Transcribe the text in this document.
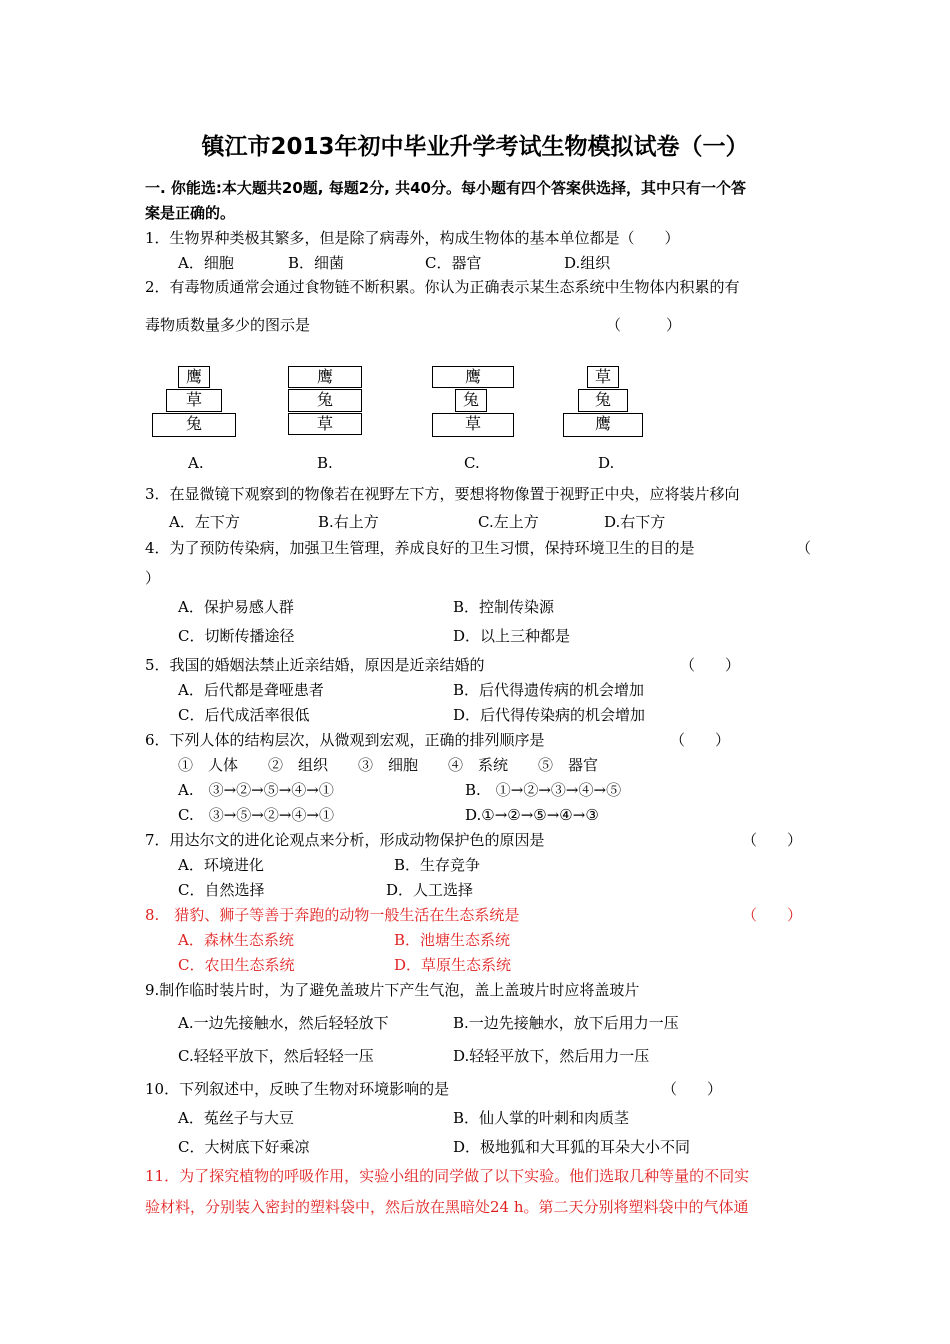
镇江市2013年初中毕业升学考试生物模拟试卷（一）
一. 你能选:本大题共20题, 每题2分, 共40分。每小题有四个答案供选择，其中只有一个答
案是正确的。
1．生物界种类极其繁多，但是除了病毒外，构成生物体的基本单位都是（　　）
A．细胞	B．细菌	C．器官	D.组织
2．有毒物质通常会通过食物链不断积累。你认为正确表示某生态系统中生物体内积累的有
毒物质数量多少的图示是	（　　　）
鹰
草
兔
A.
鹰
兔
草
B.
鹰
兔
草
C.
草
兔
鹰
D.
3．在显微镜下观察到的物像若在视野左下方，要想将物像置于视野正中央，应将装片移向
A．左下方	B.右上方	C.左上方	D.右下方
4．为了预防传染病，加强卫生管理，养成良好的卫生习惯，保持环境卫生的目的是	（
）
A．保护易感人群	B．控制传染源
C．切断传播途径	D．以上三种都是
5．我国的婚姻法禁止近亲结婚，原因是近亲结婚的	（　　）
A．后代都是聋哑患者	B．后代得遗传病的机会增加
C．后代成活率很低	D．后代得传染病的机会增加
6．下列人体的结构层次，从微观到宏观，正确的排列顺序是	（　　）
①　人体　　②　组织　　③　细胞　　④　系统　　⑤　器官
A.　③→②→⑤→④→①	B.　①→②→③→④→⑤
C.　③→⑤→②→④→①	D.①→②→⑤→④→③
7．用达尔文的进化论观点来分析，形成动物保护色的原因是	（　　）
A．环境进化	B．生存竞争
C．自然选择	D．人工选择
8.　猎豹、狮子等善于奔跑的动物一般生活在生态系统是	（　　）
A．森林生态系统	B．池塘生态系统
C．农田生态系统	D．草原生态系统
9.制作临时装片时，为了避免盖玻片下产生气泡，盖上盖玻片时应将盖玻片
A.一边先接触水，然后轻轻放下	B.一边先接触水，放下后用力一压
C.轻轻平放下，然后轻轻一压	D.轻轻平放下，然后用力一压
10．下列叙述中，反映了生物对环境影响的是	（　　）
A．菟丝子与大豆	B．仙人掌的叶刺和肉质茎
C．大树底下好乘凉	D．极地狐和大耳狐的耳朵大小不同
11．为了探究植物的呼吸作用，实验小组的同学做了以下实验。他们选取几种等量的不同实
验材料，分别装入密封的塑料袋中，然后放在黑暗处24 h。第二天分别将塑料袋中的气体通
